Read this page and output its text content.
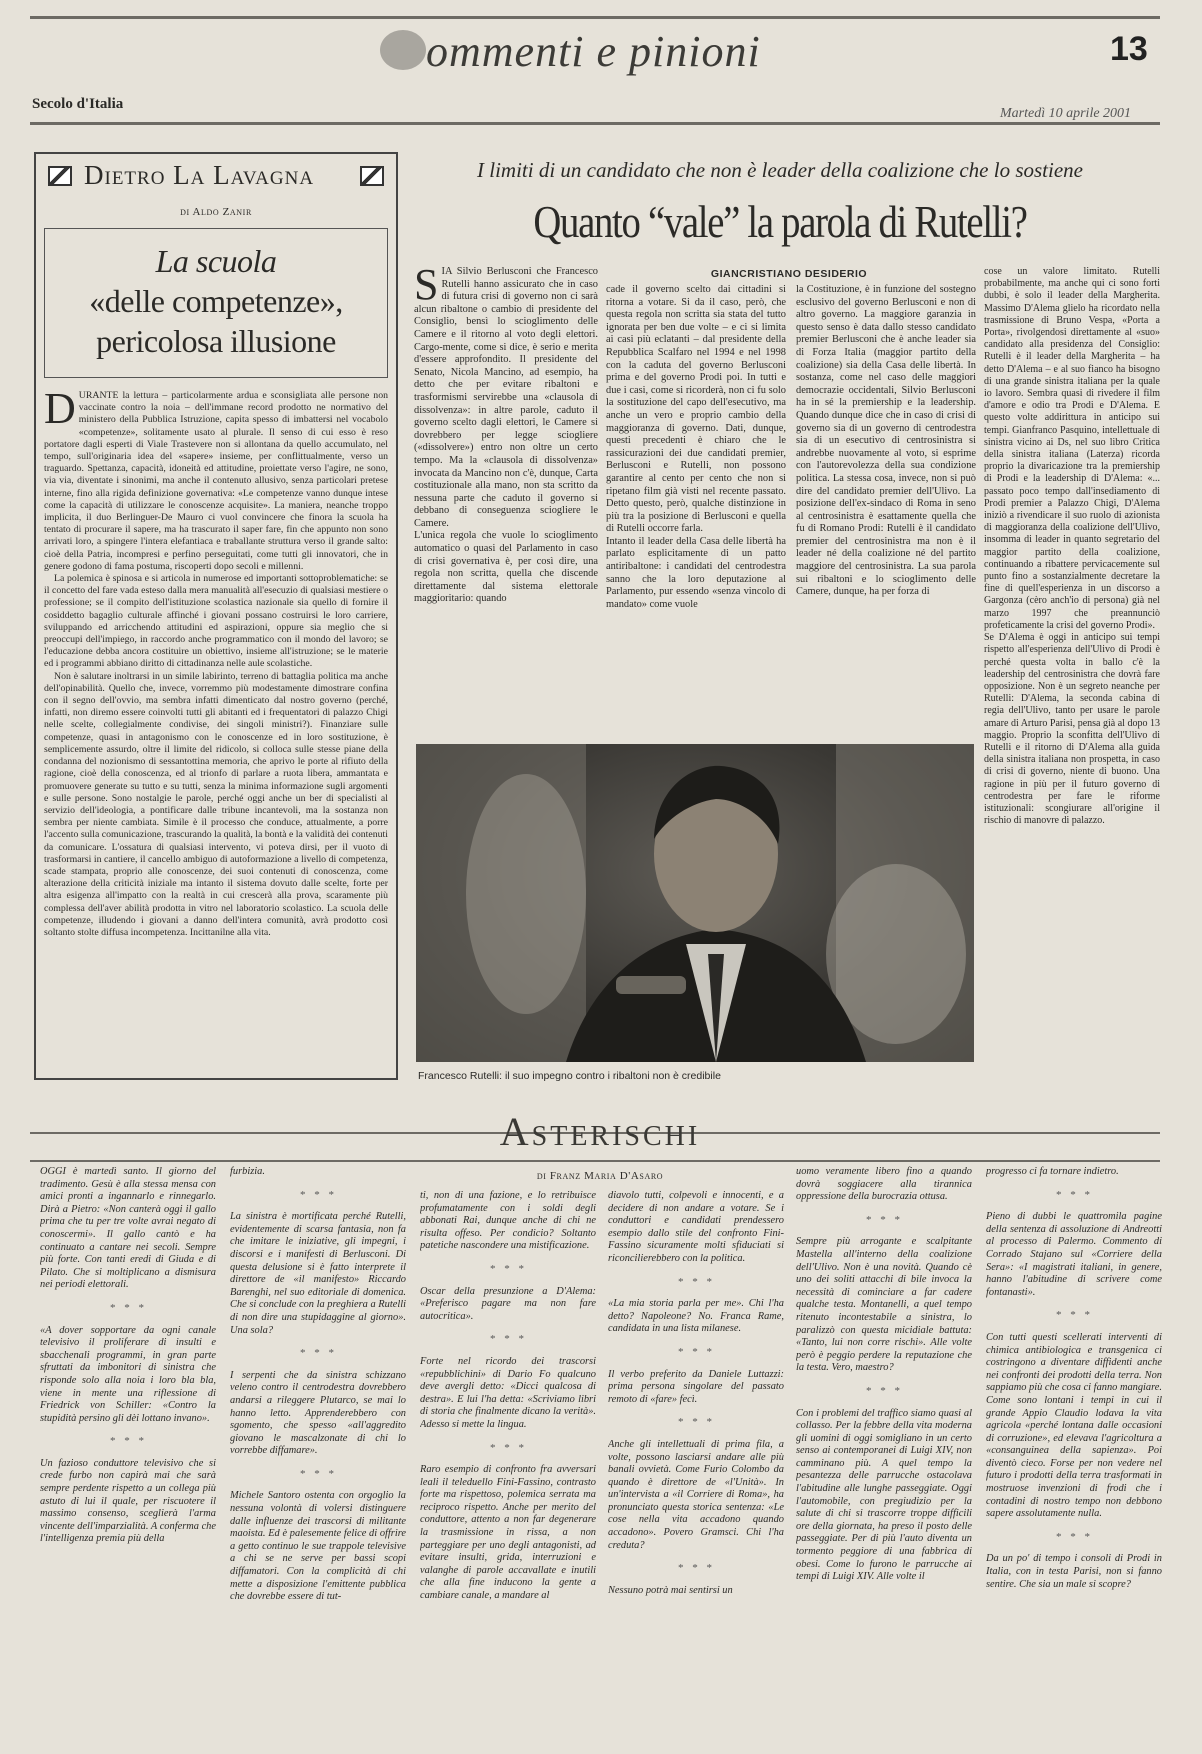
ommenti e pinioni	13
Secolo d'Italia
Martedì 10 aprile 2001
Dietro La Lavagna
di Aldo Zanir
La scuola
«delle competenze»,
pericolosa illusione
D URANTE la lettura – particolarmente ardua e sconsigliata alle persone non vaccinate contro la noia – dell'immane record prodotto ne normativo del ministero della Pubblica Istruzione, capita spesso di imbattersi nel vocabolo «competenze», solitamente usato al plurale. Il senso di cui esso è reso portatore dagli esperti di Viale Trastevere non si allontana da quello accumulato, nel tempo, sull'originaria idea del «sapere» insieme, per conflittualmente, verso un traguardo. Spettanza, capacità, idoneità ed attitudine, proiettate verso l'agire, ne sono, via via, diventate i sinonimi, ma anche il contenuto allusivo, senza particolari pretese interne, fino alla rigida definizione governativa: «Le competenze vanno dunque intese come la capacità di utilizzare le conoscenze acquisite». La maniera, neanche troppo implicita, il duo Berlinguer-De Mauro ci vuol convincere che finora la scuola ha tentato di procurare il sapere, ma ha trascurato il saper fare, fin che appunto non sono arrivati loro, a spingere l'intera elefantiaca e traballante struttura verso il grande salto: cioè della Patria, incompresi e perfino perseguitati, come tutti gli innovatori, che in genere godono di fama postuma, riscoperti dopo secoli e millenni.

La polemica è spinosa e si articola in numerose ed importanti sottoproblematiche: se il concetto del fare vada esteso dalla mera manualità all'esecuzio di qualsiasi mestiere o professione; se il compito dell'istituzione scolastica nazionale sia quello di fornire il cosiddetto bagaglio culturale affinché i giovani possano costruirsi le loro carriere, sviluppando ed arricchendo attitudini ed aspirazioni, oppure sia meglio che si preoccupi dell'impiego, in raccordo anche programmatico con il mondo del lavoro; se l'educazione debba ancora costituire un obiettivo, insieme all'istruzione; se le materie ed i programmi abbiano diritto di cittadinanza nelle aule scolastiche.

Non è salutare inoltrarsi in un simile labirinto, terreno di battaglia politica ma anche dell'opinabilità. Quello che, invece, vorremmo più modestamente dimostrare confina con il segno dell'ovvio, ma sembra infatti dimenticato dal nostro governo (perché, infatti, non diremo essere coinvolti tutti gli abitanti ed i frequentatori di palazzo Chigi nelle scelte, collegialmente condivise, dei singoli ministri?). Finanziare sulle competenze, quasi in antagonismo con le conoscenze ed in loro sostituzione, è semplicemente assurdo, oltre il limite del ridicolo, si colloca sulle stesse piane della condanna del nozionismo di sessantottina memoria, che aprivo le porte al rifiuto della ragione, cioè della conoscenza, ed al trionfo di parlare a ruota libera, ammantata e promuovere generate su tutto e su tutti, senza la minima informazione sugli argomenti e sulle persone. Sono nostalgie le parole, perché oggi anche un ber di specialisti al servizio dell'ideologia, a pontificare dalle tribune incantevoli, ma la sostanza non sembra per niente cambiata. Simile è il processo che conduce, attualmente, a porre l'accento sulla comunicazione, trascurando la qualità, la bontà e la validità dei contenuti da comunicare. L'ossatura di qualsiasi intervento, vi poteva dirsi, per il vuoto di trasformarsi in cantiere, il cancello ambiguo di autoformazione a livello di competenza, scade stampata, proprio alle conoscenze, dei suoi contenuti di conoscenza, come alterazione della criticità iniziale ma intanto il sistema dovuto dalle scelte, forte per altra esigenza all'impatto con la realtà in cui crescerà alla prova, scaramente più complessa dell'aver abilità prodotta in vitro nel laboratorio scolastico. La scuola delle competenze, illudendo i giovani a danno dell'intera comunità, avrà prodotto così soltanto stolte diffusa incompetenza. Incittanilne alla vita.

I limiti di un candidato che non è leader della coalizione che lo sostiene
Quanto “vale” la parola di Rutelli?
S IA Silvio Berlusconi che Francesco Rutelli hanno assicurato che in caso di futura crisi di governo non ci sarà alcun ribaltone o cambio di presidente del Consiglio, bensì lo scioglimento delle Camere e il ritorno al voto degli elettori. Cargo-mente, come si dice, è serio e merita d'essere approfondito. Il presidente del Senato, Nicola Mancino, ad esempio, ha detto che per evitare ribaltoni e trasformismi servirebbe una «clausola di dissolvenza»: in altre parole, caduto il governo scelto dagli elettori, le Camere si dovrebbero per legge sciogliere («dissolvere») entro non oltre un certo tempo. Ma la «clausola di dissolvenza» invocata da Mancino non c'è, dunque, Carta costituzionale alla mano, non sta scritto da nessuna parte che caduto il governo si debbano di conseguenza sciogliere le Camere.
L'unica regola che vuole lo scioglimento automatico o quasi del Parlamento in caso di crisi governativa è, per così dire, una regola non scritta, quella che discende direttamente dal sistema elettorale maggioritario: quando
GIANCRISTIANO DESIDERIO
cade il governo scelto dai cittadini si ritorna a votare. Si da il caso, però, che questa regola non scritta sia stata del tutto ignorata per ben due volte – e ci si limita ai casi più eclatanti – dal presidente della Repubblica Scalfaro nel 1994 e nel 1998 con la caduta del governo Berlusconi prima e del governo Prodi poi. In tutti e due i casi, come si ricorderà, non ci fu solo la sostituzione del capo dell'esecutivo, ma anche un vero e proprio cambio della maggioranza di governo. Dati, dunque, questi precedenti è chiaro che le rassicurazioni dei due candidati premier, Berlusconi e Rutelli, non possono garantire al cento per cento che non si ripetano film già visti nel recente passato. Detto questo, però, qualche distinzione in più tra la posizione di Berlusconi e quella di Rutelli occorre farla.
Intanto il leader della Casa delle libertà ha parlato esplicitamente di un patto antiribaltone: i candidati del centrodestra sanno che la loro deputazione al Parlamento, pur essendo «senza vincolo di mandato» come vuole
la Costituzione, è in funzione del sostegno esclusivo del governo Berlusconi e non di altro governo. La maggiore garanzia in questo senso è data dallo stesso candidato premier Berlusconi che è anche leader sia di Forza Italia (maggior partito della coalizione) sia della Casa delle libertà. In sostanza, come nel caso delle maggiori democrazie occidentali, Silvio Berlusconi ha in sé la premiership e la leadership. Quando dunque dice che in caso di crisi di governo sia di un governo di centrodestra sia di un esecutivo di centrosinistra si andrebbe nuovamente al voto, si esprime con l'autorevolezza della sua condizione politica. La stessa cosa, invece, non si può dire del candidato premier dell'Ulivo. La posizione dell'ex-sindaco di Roma in seno al centrosinistra è esattamente quella che fu di Romano Prodi: Rutelli è il candidato premier del centrosinistra ma non è il leader né della coalizione né del partito maggiore del centrosinistra. La sua parola sui ribaltoni e lo scioglimento delle Camere, dunque, ha per forza di
cose un valore limitato. Rutelli probabilmente, ma anche qui ci sono forti dubbi, è solo il leader della Margherita. Massimo D'Alema glielo ha ricordato nella trasmissione di Bruno Vespa, «Porta a Porta», rivolgendosi direttamente al «suo» candidato alla presidenza del Consiglio: Rutelli è il leader della Margherita – ha detto D'Alema – e al suo fianco ha bisogno di una grande sinistra italiana per la quale io lavoro. Sembra quasi di rivedere il film d'amore e odio tra Prodi e D'Alema. E questo volte addirittura in anticipo sui tempi. Gianfranco Pasquino, intellettuale di sinistra vicino ai Ds, nel suo libro Critica della sinistra italiana (Laterza) ricorda proprio la divaricazione tra la premiership di Prodi e la leadership di D'Alema: «... passato poco tempo dall'insediamento di Prodi premier a Palazzo Chigi, D'Alema iniziò a rivendicare il suo ruolo di azionista di maggioranza della coalizione dell'Ulivo, insomma di leader in quanto segretario del maggior partito della coalizione, continuando a ribattere pervicacemente sul punto fino a sostanzialmente decretare la fine di quell'esperienza in un discorso a Gargonza (cèro anch'io di persona) già nel marzo 1997 che preannunciò profeticamente la crisi del governo Prodi».
Se D'Alema è oggi in anticipo sui tempi rispetto all'esperienza dell'Ulivo di Prodi è perché questa volta in ballo c'è la leadership del centrosinistra che dovrà fare opposizione. Non è un segreto neanche per Rutelli: D'Alema, la seconda cabina di regia dell'Ulivo, tanto per usare le parole amare di Arturo Parisi, pensa già al dopo 13 maggio. Proprio la sconfitta dell'Ulivo di Rutelli e il ritorno di D'Alema alla guida della sinistra italiana non prospetta, in caso di crisi di governo, niente di buono. Una ragione in più per il futuro governo di centrodestra per fare le riforme istituzionali: scongiurare all'origine il rischio di manovre di palazzo.
Francesco Rutelli: il suo impegno contro i ribaltoni non è credibile
Asterischi
di Franz Maria D'Asaro
OGGI è martedì santo. Il giorno del tradimento. Gesù è alla stessa mensa con amici pronti a ingannarlo e rinnegarlo. Dirà a Pietro: «Non canterà oggi il gallo prima che tu per tre volte avrai negato di conoscermi». Il gallo cantò e ha continuato a cantare nei secoli. Sempre più forte. Con tanti eredi di Giuda e di Pilato. Che si moltiplicano a dismisura nei periodi elettorali.
* * *
«A dover sopportare da ogni canale televisivo il proliferare di insulti e sbacchenali programmi, in gran parte sfruttati da imbonitori di sinistra che risponde solo alla noia i loro bla bla, viene in mente una riflessione di Friedrick von Schiller: «Contro la stupidità persino gli dèi lottano invano».
* * *
Un fazioso conduttore televisivo che si crede furbo non capirà mai che sarà sempre perdente rispetto a un collega più astuto di lui il quale, per riscuotere il massimo consenso, sceglierà l'arma vincente dell'imparzialità. A conferma che l'intelligenza premia più della
furbizia.
* * *
La sinistra è mortificata perché Rutelli, evidentemente di scarsa fantasia, non fa che imitare le iniziative, gli impegni, i discorsi e i manifesti di Berlusconi. Di questa delusione si è fatto interprete il direttore de «il manifesto» Riccardo Barenghi, nel suo editoriale di domenica. Che si conclude con la preghiera a Rutelli di non dire una stupidaggine al giorno». Una sola?
* * *
I serpenti che da sinistra schizzano veleno contro il centrodestra dovrebbero andarsi a rileggere Plutarco, se mai lo hanno letto. Apprenderebbero con sgomento, che spesso «all'aggredito giovano le mascalzonate di chi lo vorrebbe diffamare».
* * *
Michele Santoro ostenta con orgoglio la nessuna volontà di volersi distinguere dalle influenze dei trascorsi di militante maoista. Ed è palesemente felice di offrire a getto continuo le sue trappole televisive a chi se ne serve per bassi scopi diffamatori. Con la complicità di chi mette a disposizione l'emittente pubblica che dovrebbe essere di tut-
ti, non di una fazione, e lo retribuisce profumatamente con i soldi degli abbonati Rai, dunque anche di chi ne risulta offeso. Per condicio? Soltanto patetiche nascondere una mistificazione.
* * *
Oscar della presunzione a D'Alema: «Preferisco pagare ma non fare autocritica».
* * *
Forte nel ricordo dei trascorsi «repubblichini» di Dario Fo qualcuno deve avergli detto: «Dicci qualcosa di destra». E lui l'ha detta: «Scriviamo libri di storia che finalmente dicano la verità». Adesso si mette la lingua.
* * *
Raro esempio di confronto fra avversari leali il teleduello Fini-Fassino, contrasto forte ma rispettoso, polemica serrata ma reciproco rispetto. Anche per merito del conduttore, attento a non far degenerare la trasmissione in rissa, a non parteggiare per uno degli antagonisti, ad evitare insulti, grida, interruzioni e valanghe di parole accavallate e inutili che alla fine inducono la gente a cambiare canale, a mandare al
diavolo tutti, colpevoli e innocenti, e a decidere di non andare a votare. Se i conduttori e candidati prendessero esempio dallo stile del confronto Fini-Fassino sicuramente molti sfiduciati si riconcilierebbero con la politica.
* * *
«La mia storia parla per me». Chi l'ha detto? Napoleone? No. Franca Rame, candidata in una lista milanese.
* * *
Il verbo preferito da Daniele Luttazzi: prima persona singolare del passato remoto di «fare» fecì.
* * *
Anche gli intellettuali di prima fila, a volte, possono lasciarsi andare alle più banali ovvietà. Come Furio Colombo da quando è direttore de «l'Unità». In un'intervista a «il Corriere di Roma», ha pronunciato questa storica sentenza: «Le cose nella vita accadono quando accadono». Povero Gramsci. Chi l'ha creduta?
* * *
Nessuno potrà mai sentirsi un
uomo veramente libero fino a quando dovrà soggiacere alla tirannica oppressione della burocrazia ottusa.
* * *
Sempre più arrogante e scalpitante Mastella all'interno della coalizione dell'Ulivo. Non è una novità. Quando cè uno dei soliti attacchi di bile invoca la necessità di cominciare a far cadere qualche testa. Montanelli, a quel tempo ritenuto incontestabile a sinistra, lo paralizzò con questa micidiale battuta: «Tanto, lui non corre rischi». Alle volte però è peggio perdere la reputazione che la testa. Vero, maestro?
* * *
Con i problemi del traffico siamo quasi al collasso. Per la febbre della vita moderna gli uomini di oggi somigliano in un certo senso ai contemporanei di Luigi XIV, non camminano più. A quel tempo la pesantezza delle parrucche ostacolava l'abitudine alle lunghe passeggiate. Oggi l'automobile, con pregiudizio per la salute di chi si trascorre troppe difficili ore della giornata, ha preso il posto delle passeggiate. Per di più l'auto diventa un tormento peggiore di una fabbrica di obesi. Come lo furono le parrucche ai tempi di Luigi XIV. Alle volte il
progresso ci fa tornare indietro.
* * *
Pieno di dubbi le quattromila pagine della sentenza di assoluzione di Andreotti al processo di Palermo. Commento di Corrado Stajano sul «Corriere della Sera»: «I magistrati italiani, in genere, hanno l'abitudine di scrivere come fontanasti».
* * *
Con tutti questi scellerati interventi di chimica antibiologica e transgenica ci costringono a diventare diffidenti anche nei confronti dei prodotti della terra. Non sappiamo più che cosa ci fanno mangiare. Come sono lontani i tempi in cui il grande Appio Claudio lodava la vita agricola «perché lontana dalle occasioni di corruzione», ed elevava l'agricoltura a «consanguinea della sapienza». Poi diventò cieco. Forse per non vedere nel futuro i prodotti della terra trasformati in mostruose invenzioni di frodi che i contadini di nostro tempo non debbono sapere assolutamente nulla.
* * *
Da un po' di tempo i consoli di Prodi in Italia, con in testa Parisi, non si fanno sentire. Che sia un male si scopre?
